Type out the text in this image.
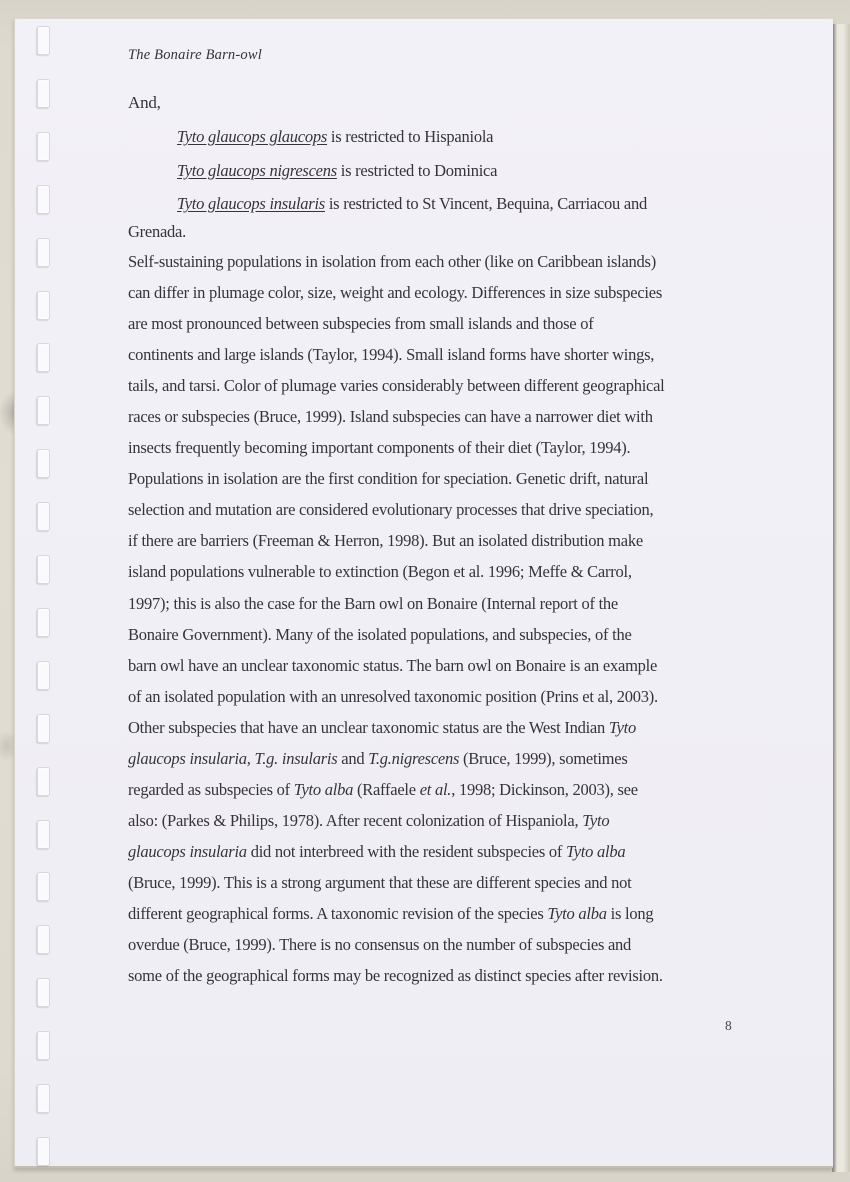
The Bonaire Barn-owl
And,
Tyto glaucops glaucops is restricted to Hispaniola
Tyto glaucops nigrescens is restricted to Dominica
Tyto glaucops insularis is restricted to St Vincent, Bequina, Carriacou and
Grenada.
Self-sustaining populations in isolation from each other (like on Caribbean islands)
can differ in plumage color, size, weight and ecology. Differences in size subspecies
are most pronounced between subspecies from small islands and those of
continents and large islands (Taylor, 1994). Small island forms have shorter wings,
tails, and tarsi. Color of plumage varies considerably between different geographical
races or subspecies (Bruce, 1999). Island subspecies can have a narrower diet with
insects frequently becoming important components of their diet (Taylor, 1994).
Populations in isolation are the first condition for speciation. Genetic drift, natural
selection and mutation are considered evolutionary processes that drive speciation,
if there are barriers (Freeman & Herron, 1998). But an isolated distribution make
island populations vulnerable to extinction (Begon et al. 1996; Meffe & Carrol,
1997); this is also the case for the Barn owl on Bonaire (Internal report of the
Bonaire Government). Many of the isolated populations, and subspecies, of the
barn owl have an unclear taxonomic status. The barn owl on Bonaire is an example
of an isolated population with an unresolved taxonomic position (Prins et al, 2003).
Other subspecies that have an unclear taxonomic status are the West Indian Tyto
glaucops insularia, T.g. insularis and T.g.nigrescens (Bruce, 1999), sometimes
regarded as subspecies of Tyto alba (Raffaele et al., 1998; Dickinson, 2003), see
also: (Parkes & Philips, 1978). After recent colonization of Hispaniola, Tyto
glaucops insularia did not interbreed with the resident subspecies of Tyto alba
(Bruce, 1999). This is a strong argument that these are different species and not
different geographical forms. A taxonomic revision of the species Tyto alba is long
overdue (Bruce, 1999). There is no consensus on the number of subspecies and
some of the geographical forms may be recognized as distinct species after revision.
8
